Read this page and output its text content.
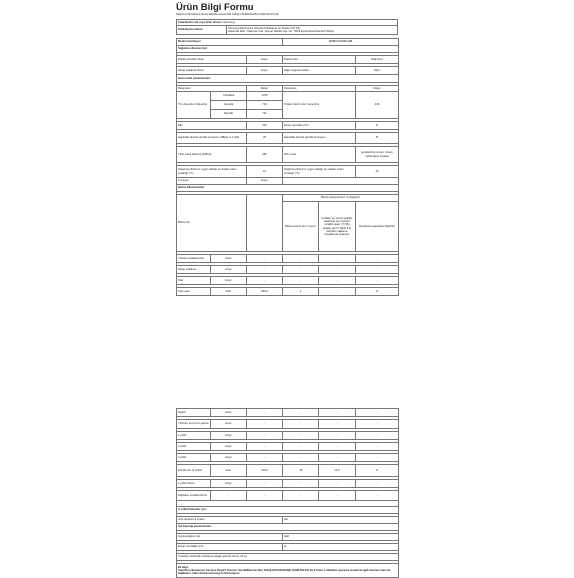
Ürün Bilgi Formu
Soğutma Cihazlarının Enerji Etiketlemesine Dair Tebliğ (2019/2016/AB) (SGM-2021/7) Ek
Tedarikçinin adı veya ticari ünvanı: Samsung
Tedarikçinin adresi:	Samsung Electronics İstanbul Pazarlama ve Ticaret LTD.ŞTİ.
Defterdar Mah. Otakçılar Cad. Sosyal Tesisler Apt. No: 78/46 Eyüpsultan/İstanbul/Türkiye
Model tanımlayıcı:			RM8DG0060EK/EB		
Soğutma cihazının tipi:					

Düşük gürültülü cihaz		Hayır	Tasarım tipi		Dağınıyor

Şarap saklama cihazı		Hayır	Diğer soğutma cihazı		Hayır
Genel ürün parametreleri:					

Parametre		Değer	Parametre		Değer
Tüm boyutlar (milimetre)	Yükseklik	1780	Toplam hacim (dm³ veya litre)		418
	Genişlik	710			
	Derinlik	711			

EEI		100	Enerji verimlilik sınıfı		E

Havadaki akustik gürültü emisyonu (dB(A) re 1 pW)		35	Havadaki akustik gürültü emisyonu		B

Yıllık enerji tüketimi (kWh/a)		282	İklim sınıfı		genişletilmiş ılıman, ılıman, subtropikal, tropikal

Soğutma cihazının uygun olduğu en düşük ortam sıcaklığı (°C)		10	Soğutma cihazının uygun olduğu en yüksek ortam sıcaklığı (°C)		43
Kış ayarı		Hayır			
Bölme Parametreleri:					

Bölme tipi			Bölme parametreleri ve değerleri		
			Bölme Hacmi (dm³ veya l)	Gıdaları en verimli şekilde saklamak için önerilen sıcaklık ayarı (°C) Bu ayarlar, Ek IV Tablo 3'te belirtilen saklama koşullarıyla çelişmez	Dondurma kapasitesi (kg/24h)

Yüksek sıcaklıkta kiler	Hayır	-	-	-	-

Şarap saklama	Hayır	-	-	-	-

Kiler	Hayır	-	-	-	-

Taze gıda	Evet	280,0	4	-	O
Soğuk	Hayır	-	-	-	-

Yıldızsız veya buz yapma	Hayır	-	-	-	-

1 yıldız	Hayır	-	-	-	-

2 yıldız	Hayır	-	-	-	-

3 yıldız	Hayır	-	-	-	-

Dondurucu (4 yıldız)	Evet	138,0	-18	12,0	O

2 yıldız bölüm	Hayır	-	-	-	-

Değişken sıcaklık bölme	-	-	-	-	-

A şirketi bölmeler için:					

Hızlı dondurma imkanı			Var		
Işık kaynağı parametreleri:					

Işık kaynağının tipi			LED		

Enerji verimliliği sınıfı			G		

Tedarikçi tarafından belirlenen asgari garanti süresi: 36 ay					

Ek bilgi:
Soğutma cihazlarının Çevreye Duyarlı Tasarım Gerekliliklerine Dair Tebliğ (2019/2019/AB) (SGM-2021/7) Ek II Unite 4. Maddesi uyarınca modeli ile ilgili internet sitesi ile bağlantısı: https://www.samsung.com/tr/support					
